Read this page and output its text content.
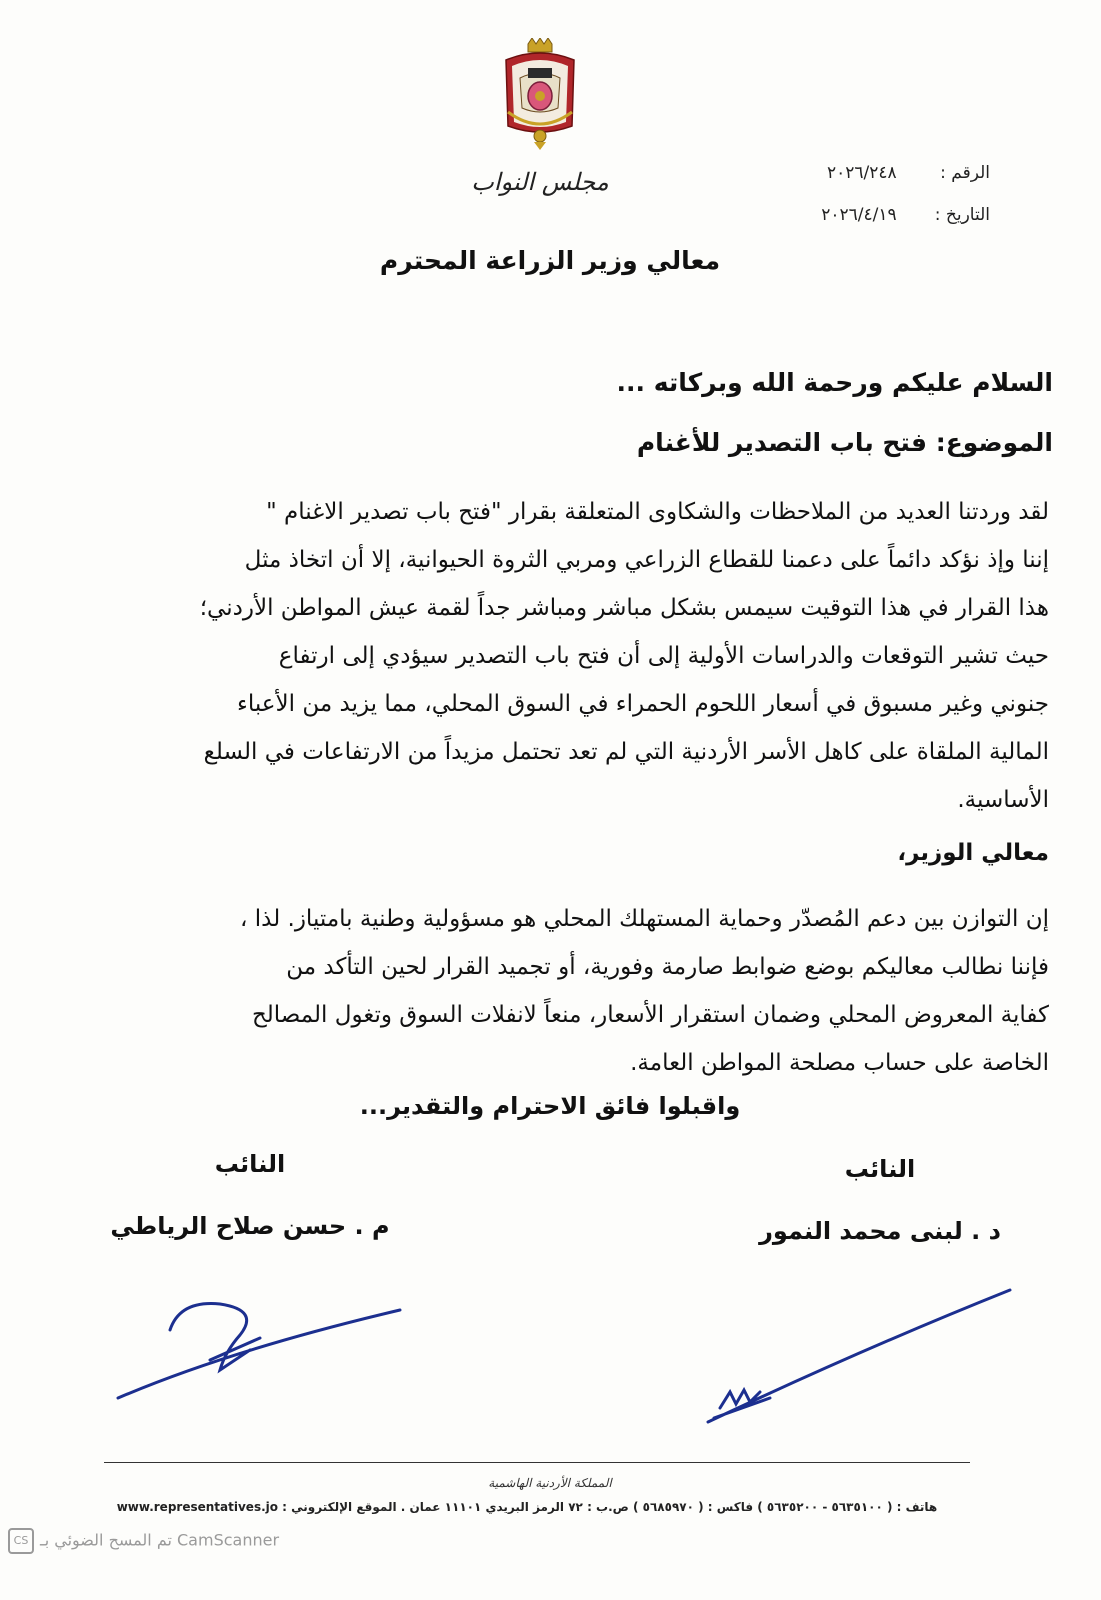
مجلس النواب	الرقم : ٢٠٢٦/٢٤٨
التاريخ : ٢٠٢٦/٤/١٩
معالي وزير الزراعة المحترم
السلام عليكم ورحمة الله وبركاته ...
الموضوع: فتح باب التصدير للأغنام
لقد وردتنا العديد من الملاحظات والشكاوى المتعلقة بقرار "فتح باب تصدير الاغنام "
إننا وإذ نؤكد دائماً على دعمنا للقطاع الزراعي ومربي الثروة الحيوانية، إلا أن اتخاذ مثل
هذا القرار في هذا التوقيت سيمس بشكل مباشر ومباشر جداً لقمة عيش المواطن الأردني؛
حيث تشير التوقعات والدراسات الأولية إلى أن فتح باب التصدير سيؤدي إلى ارتفاع
جنوني وغير مسبوق في أسعار اللحوم الحمراء في السوق المحلي، مما يزيد من الأعباء
المالية الملقاة على كاهل الأسر الأردنية التي لم تعد تحتمل مزيداً من الارتفاعات في السلع
الأساسية.
معالي الوزير،
إن التوازن بين دعم المُصدّر وحماية المستهلك المحلي هو مسؤولية وطنية بامتياز. لذا ،
فإننا نطالب معاليكم بوضع ضوابط صارمة وفورية، أو تجميد القرار لحين التأكد من
كفاية المعروض المحلي وضمان استقرار الأسعار، منعاً لانفلات السوق وتغول المصالح
الخاصة على حساب مصلحة المواطن العامة.
واقبلوا فائق الاحترام والتقدير...
النائب
م . حسن صلاح الرياطي
النائب
د . لبنى محمد النمور
المملكة الأردنية الهاشمية
هاتف : ( ٥٦٣٥١٠٠ - ٥٦٣٥٢٠٠ ) فاكس : ( ٥٦٨٥٩٧٠ ) ص.ب : ٧٢ الرمز البريدي ١١١٠١ عمان . الموقع الإلكتروني : www.representatives.jo
CS تم المسح الضوئي بـ CamScanner
